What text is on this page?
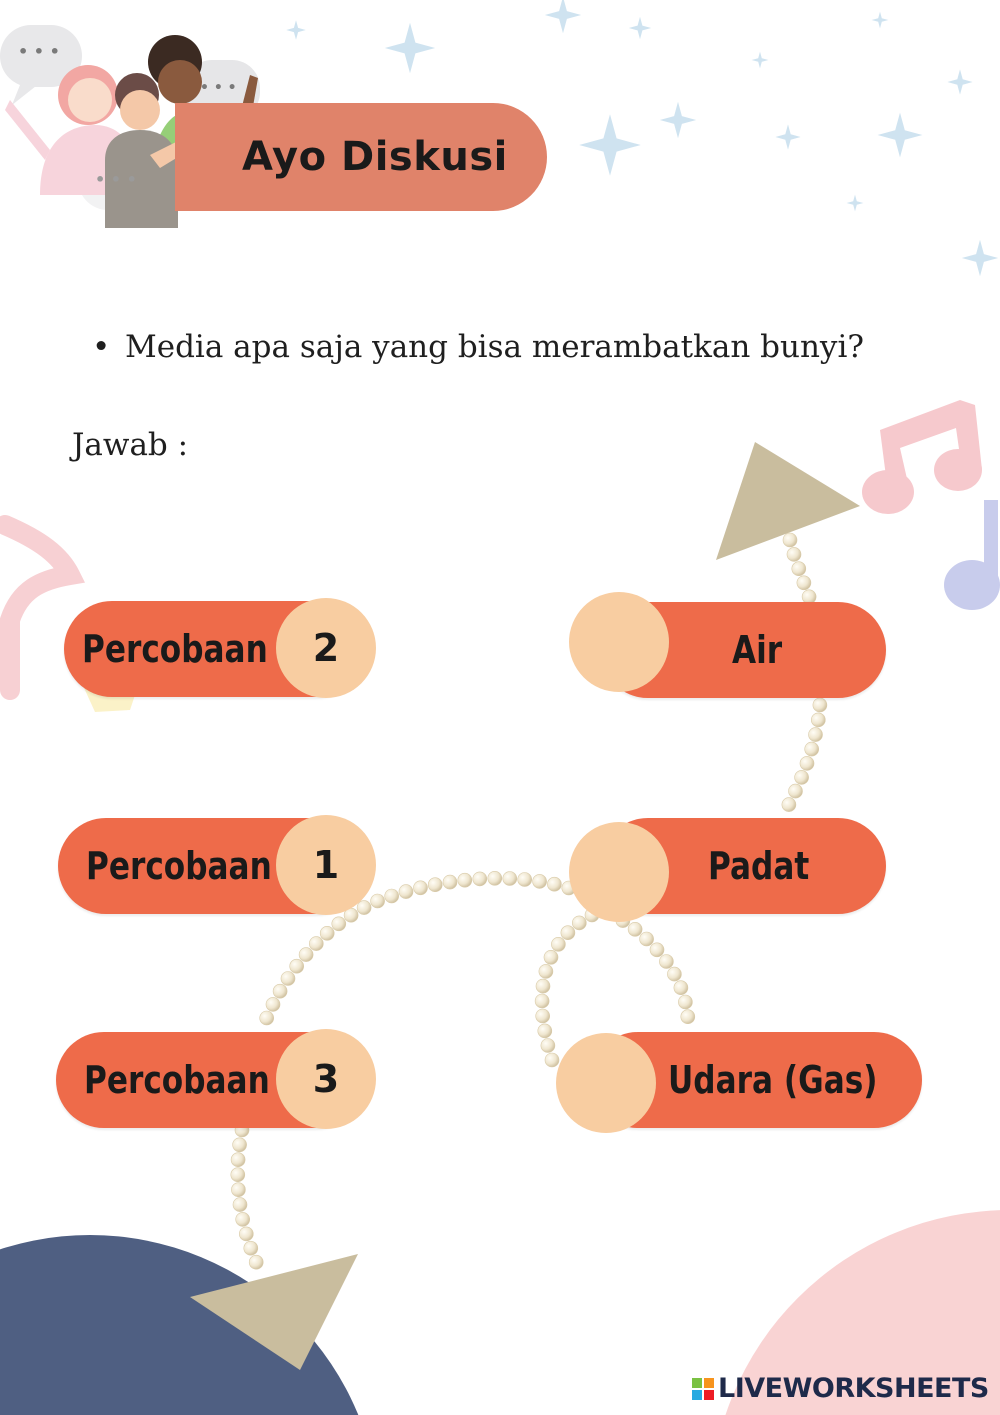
Ayo Diskusi
• • •
• • •
• • •
• Media apa saja yang bisa merambatkan bunyi?
Jawab :
Percobaan	2
Percobaan	1
Percobaan	3
Air
Padat
Udara (Gas)
LIVEWORKSHEETS
